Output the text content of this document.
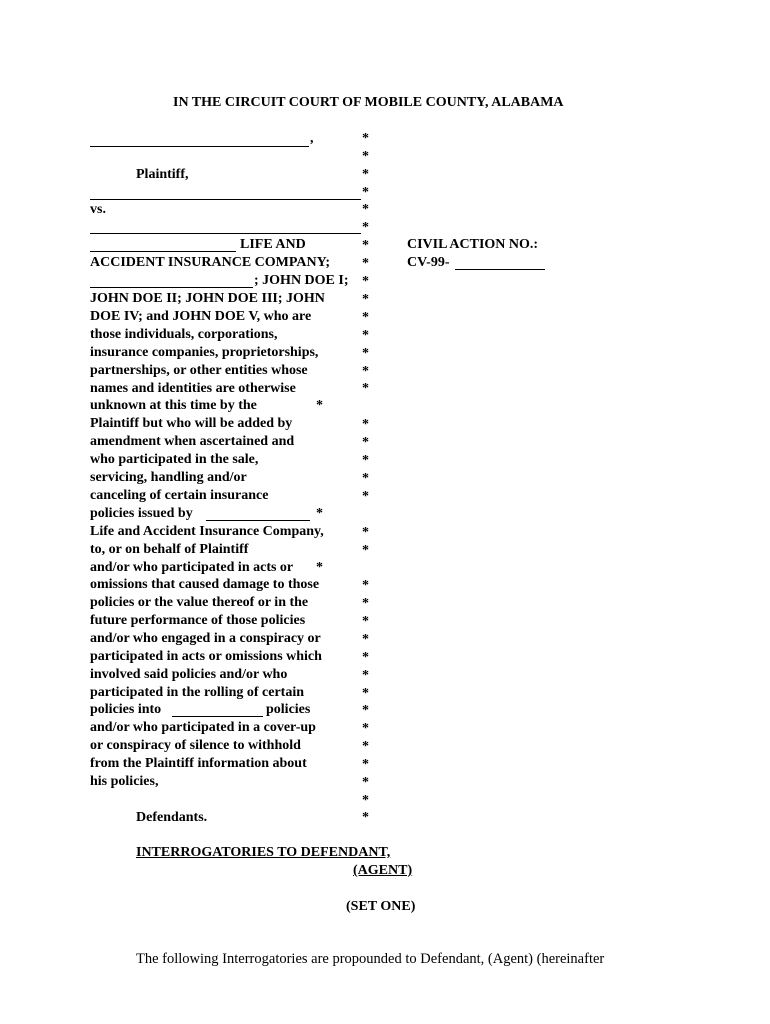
IN THE CIRCUIT COURT OF MOBILE COUNTY, ALABAMA
,
Plaintiff,
vs.
LIFE AND
ACCIDENT INSURANCE COMPANY;
; JOHN DOE I;
JOHN DOE II; JOHN DOE III; JOHN
DOE IV; and JOHN DOE V, who are
those individuals, corporations,
insurance companies, proprietorships,
partnerships, or other entities whose
names and identities are otherwise
unknown at this time by the
Plaintiff but who will be added by
amendment when ascertained and
who participated in the sale,
servicing, handling and/or
canceling of certain insurance
policies issued by
Life and Accident Insurance Company,
to, or on behalf of Plaintiff
and/or who participated in acts or
omissions that caused damage to those
policies or the value thereof or in the
future performance of those policies
and/or who engaged in a conspiracy or
participated in acts or omissions which
involved said policies and/or who
participated in the rolling of certain
policies into	policies
and/or who participated in a cover-up
or conspiracy of silence to withhold
from the Plaintiff information about
his policies,
Defendants.
*
*
*
*
*
*
*
*
*
*
*
*
*
*
*
*
*
*
*
*
*
*
*
*
*
*
*
*
*
*
*
*
*
*
*
*
*
*
*
CIVIL ACTION NO.:
CV-99-
INTERROGATORIES TO DEFENDANT,
(AGENT)
(SET ONE)
The following Interrogatories are propounded to Defendant, (Agent) (hereinafter
